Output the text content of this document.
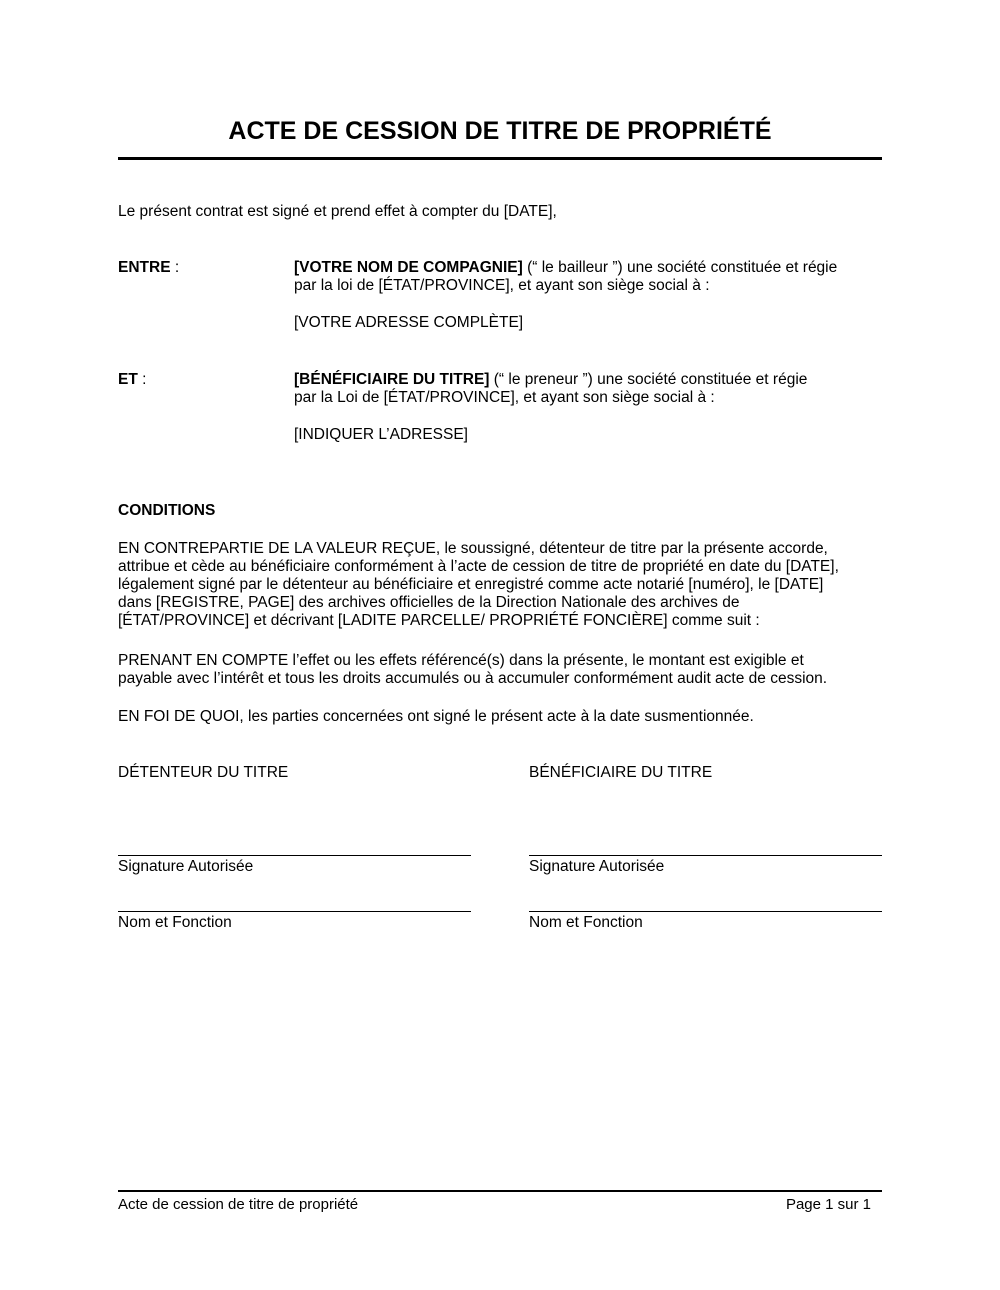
ACTE DE CESSION DE TITRE DE PROPRIÉTÉ
Le présent contrat est signé et prend effet à compter du [DATE],
ENTRE :	[VOTRE NOM DE COMPAGNIE] (“ le bailleur ”) une société constituée et régie

par la loi de [ÉTAT/PROVINCE], et ayant son siège social à :

[VOTRE ADRESSE COMPLÈTE]

ET :	[BÉNÉFICIAIRE DU TITRE] (“ le preneur ”) une société constituée et régie

par la Loi de [ÉTAT/PROVINCE], et ayant son siège social à :

[INDIQUER L’ADRESSE]

CONDITIONS
EN CONTREPARTIE DE LA VALEUR REÇUE, le soussigné, détenteur de titre par la présente accorde,
attribue et cède au bénéficiaire conformément à l’acte de cession de titre de propriété en date du [DATE],
légalement signé par le détenteur au bénéficiaire et enregistré comme acte notarié [numéro], le [DATE]
dans [REGISTRE, PAGE] des archives officielles de la Direction Nationale des archives de
[ÉTAT/PROVINCE] et décrivant [LADITE PARCELLE/ PROPRIÉTÉ FONCIÈRE] comme suit :
PRENANT EN COMPTE l’effet ou les effets référencé(s) dans la présente, le montant est exigible et
payable avec l’intérêt et tous les droits accumulés ou à accumuler conformément audit acte de cession.
EN FOI DE QUOI, les parties concernées ont signé le présent acte à la date susmentionnée.
DÉTENTEUR DU TITRE
Signature Autorisée
Nom et Fonction
BÉNÉFICIAIRE DU TITRE
Signature Autorisée
Nom et Fonction
Acte de cession de titre de propriété	Page 1 sur 1
